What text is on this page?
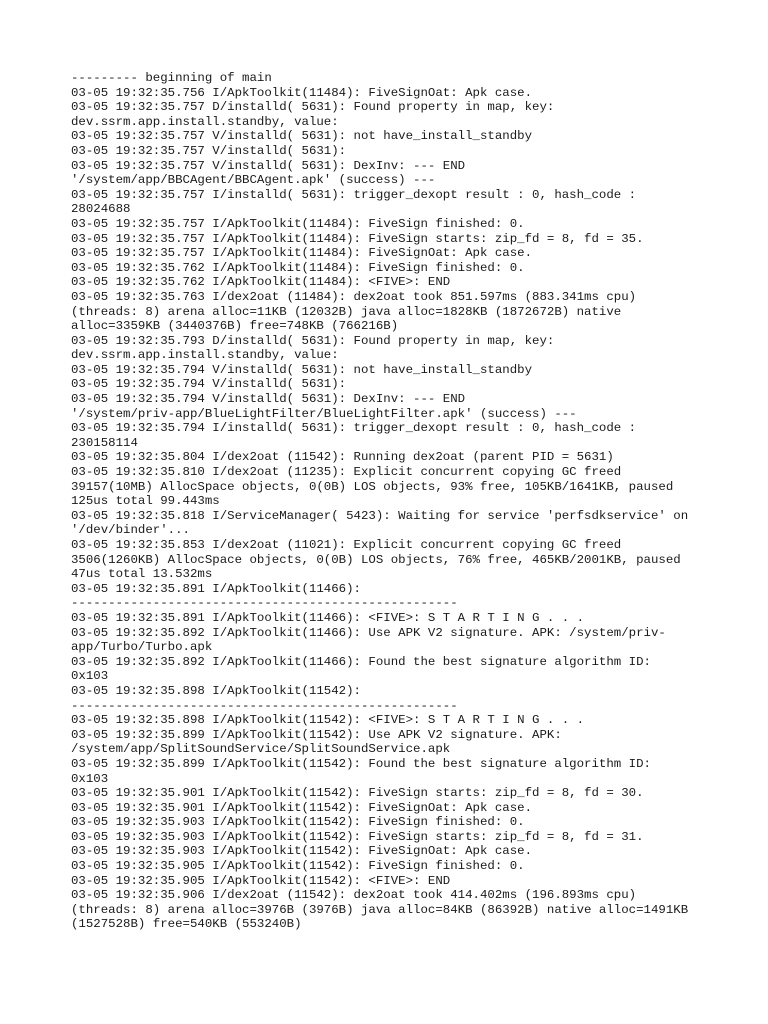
--------- beginning of main
03-05 19:32:35.756 I/ApkToolkit(11484): FiveSignOat: Apk case.
03-05 19:32:35.757 D/installd( 5631): Found property in map, key:
dev.ssrm.app.install.standby, value:
03-05 19:32:35.757 V/installd( 5631): not have_install_standby
03-05 19:32:35.757 V/installd( 5631):
03-05 19:32:35.757 V/installd( 5631): DexInv: --- END
'/system/app/BBCAgent/BBCAgent.apk' (success) ---
03-05 19:32:35.757 I/installd( 5631): trigger_dexopt result : 0, hash_code :
28024688
03-05 19:32:35.757 I/ApkToolkit(11484): FiveSign finished: 0.
03-05 19:32:35.757 I/ApkToolkit(11484): FiveSign starts: zip_fd = 8, fd = 35.
03-05 19:32:35.757 I/ApkToolkit(11484): FiveSignOat: Apk case.
03-05 19:32:35.762 I/ApkToolkit(11484): FiveSign finished: 0.
03-05 19:32:35.762 I/ApkToolkit(11484): <FIVE>: END
03-05 19:32:35.763 I/dex2oat (11484): dex2oat took 851.597ms (883.341ms cpu)
(threads: 8) arena alloc=11KB (12032B) java alloc=1828KB (1872672B) native
alloc=3359KB (3440376B) free=748KB (766216B)
03-05 19:32:35.793 D/installd( 5631): Found property in map, key:
dev.ssrm.app.install.standby, value:
03-05 19:32:35.794 V/installd( 5631): not have_install_standby
03-05 19:32:35.794 V/installd( 5631):
03-05 19:32:35.794 V/installd( 5631): DexInv: --- END
'/system/priv-app/BlueLightFilter/BlueLightFilter.apk' (success) ---
03-05 19:32:35.794 I/installd( 5631): trigger_dexopt result : 0, hash_code :
230158114
03-05 19:32:35.804 I/dex2oat (11542): Running dex2oat (parent PID = 5631)
03-05 19:32:35.810 I/dex2oat (11235): Explicit concurrent copying GC freed
39157(10MB) AllocSpace objects, 0(0B) LOS objects, 93% free, 105KB/1641KB, paused
125us total 99.443ms
03-05 19:32:35.818 I/ServiceManager( 5423): Waiting for service 'perfsdkservice' on
'/dev/binder'...
03-05 19:32:35.853 I/dex2oat (11021): Explicit concurrent copying GC freed
3506(1260KB) AllocSpace objects, 0(0B) LOS objects, 76% free, 465KB/2001KB, paused
47us total 13.532ms
03-05 19:32:35.891 I/ApkToolkit(11466):
----------------------------------------------------
03-05 19:32:35.891 I/ApkToolkit(11466): <FIVE>: S T A R T I N G . . .
03-05 19:32:35.892 I/ApkToolkit(11466): Use APK V2 signature. APK: /system/priv-
app/Turbo/Turbo.apk
03-05 19:32:35.892 I/ApkToolkit(11466): Found the best signature algorithm ID:
0x103
03-05 19:32:35.898 I/ApkToolkit(11542):
----------------------------------------------------
03-05 19:32:35.898 I/ApkToolkit(11542): <FIVE>: S T A R T I N G . . .
03-05 19:32:35.899 I/ApkToolkit(11542): Use APK V2 signature. APK:
/system/app/SplitSoundService/SplitSoundService.apk
03-05 19:32:35.899 I/ApkToolkit(11542): Found the best signature algorithm ID:
0x103
03-05 19:32:35.901 I/ApkToolkit(11542): FiveSign starts: zip_fd = 8, fd = 30.
03-05 19:32:35.901 I/ApkToolkit(11542): FiveSignOat: Apk case.
03-05 19:32:35.903 I/ApkToolkit(11542): FiveSign finished: 0.
03-05 19:32:35.903 I/ApkToolkit(11542): FiveSign starts: zip_fd = 8, fd = 31.
03-05 19:32:35.903 I/ApkToolkit(11542): FiveSignOat: Apk case.
03-05 19:32:35.905 I/ApkToolkit(11542): FiveSign finished: 0.
03-05 19:32:35.905 I/ApkToolkit(11542): <FIVE>: END
03-05 19:32:35.906 I/dex2oat (11542): dex2oat took 414.402ms (196.893ms cpu)
(threads: 8) arena alloc=3976B (3976B) java alloc=84KB (86392B) native alloc=1491KB
(1527528B) free=540KB (553240B)
